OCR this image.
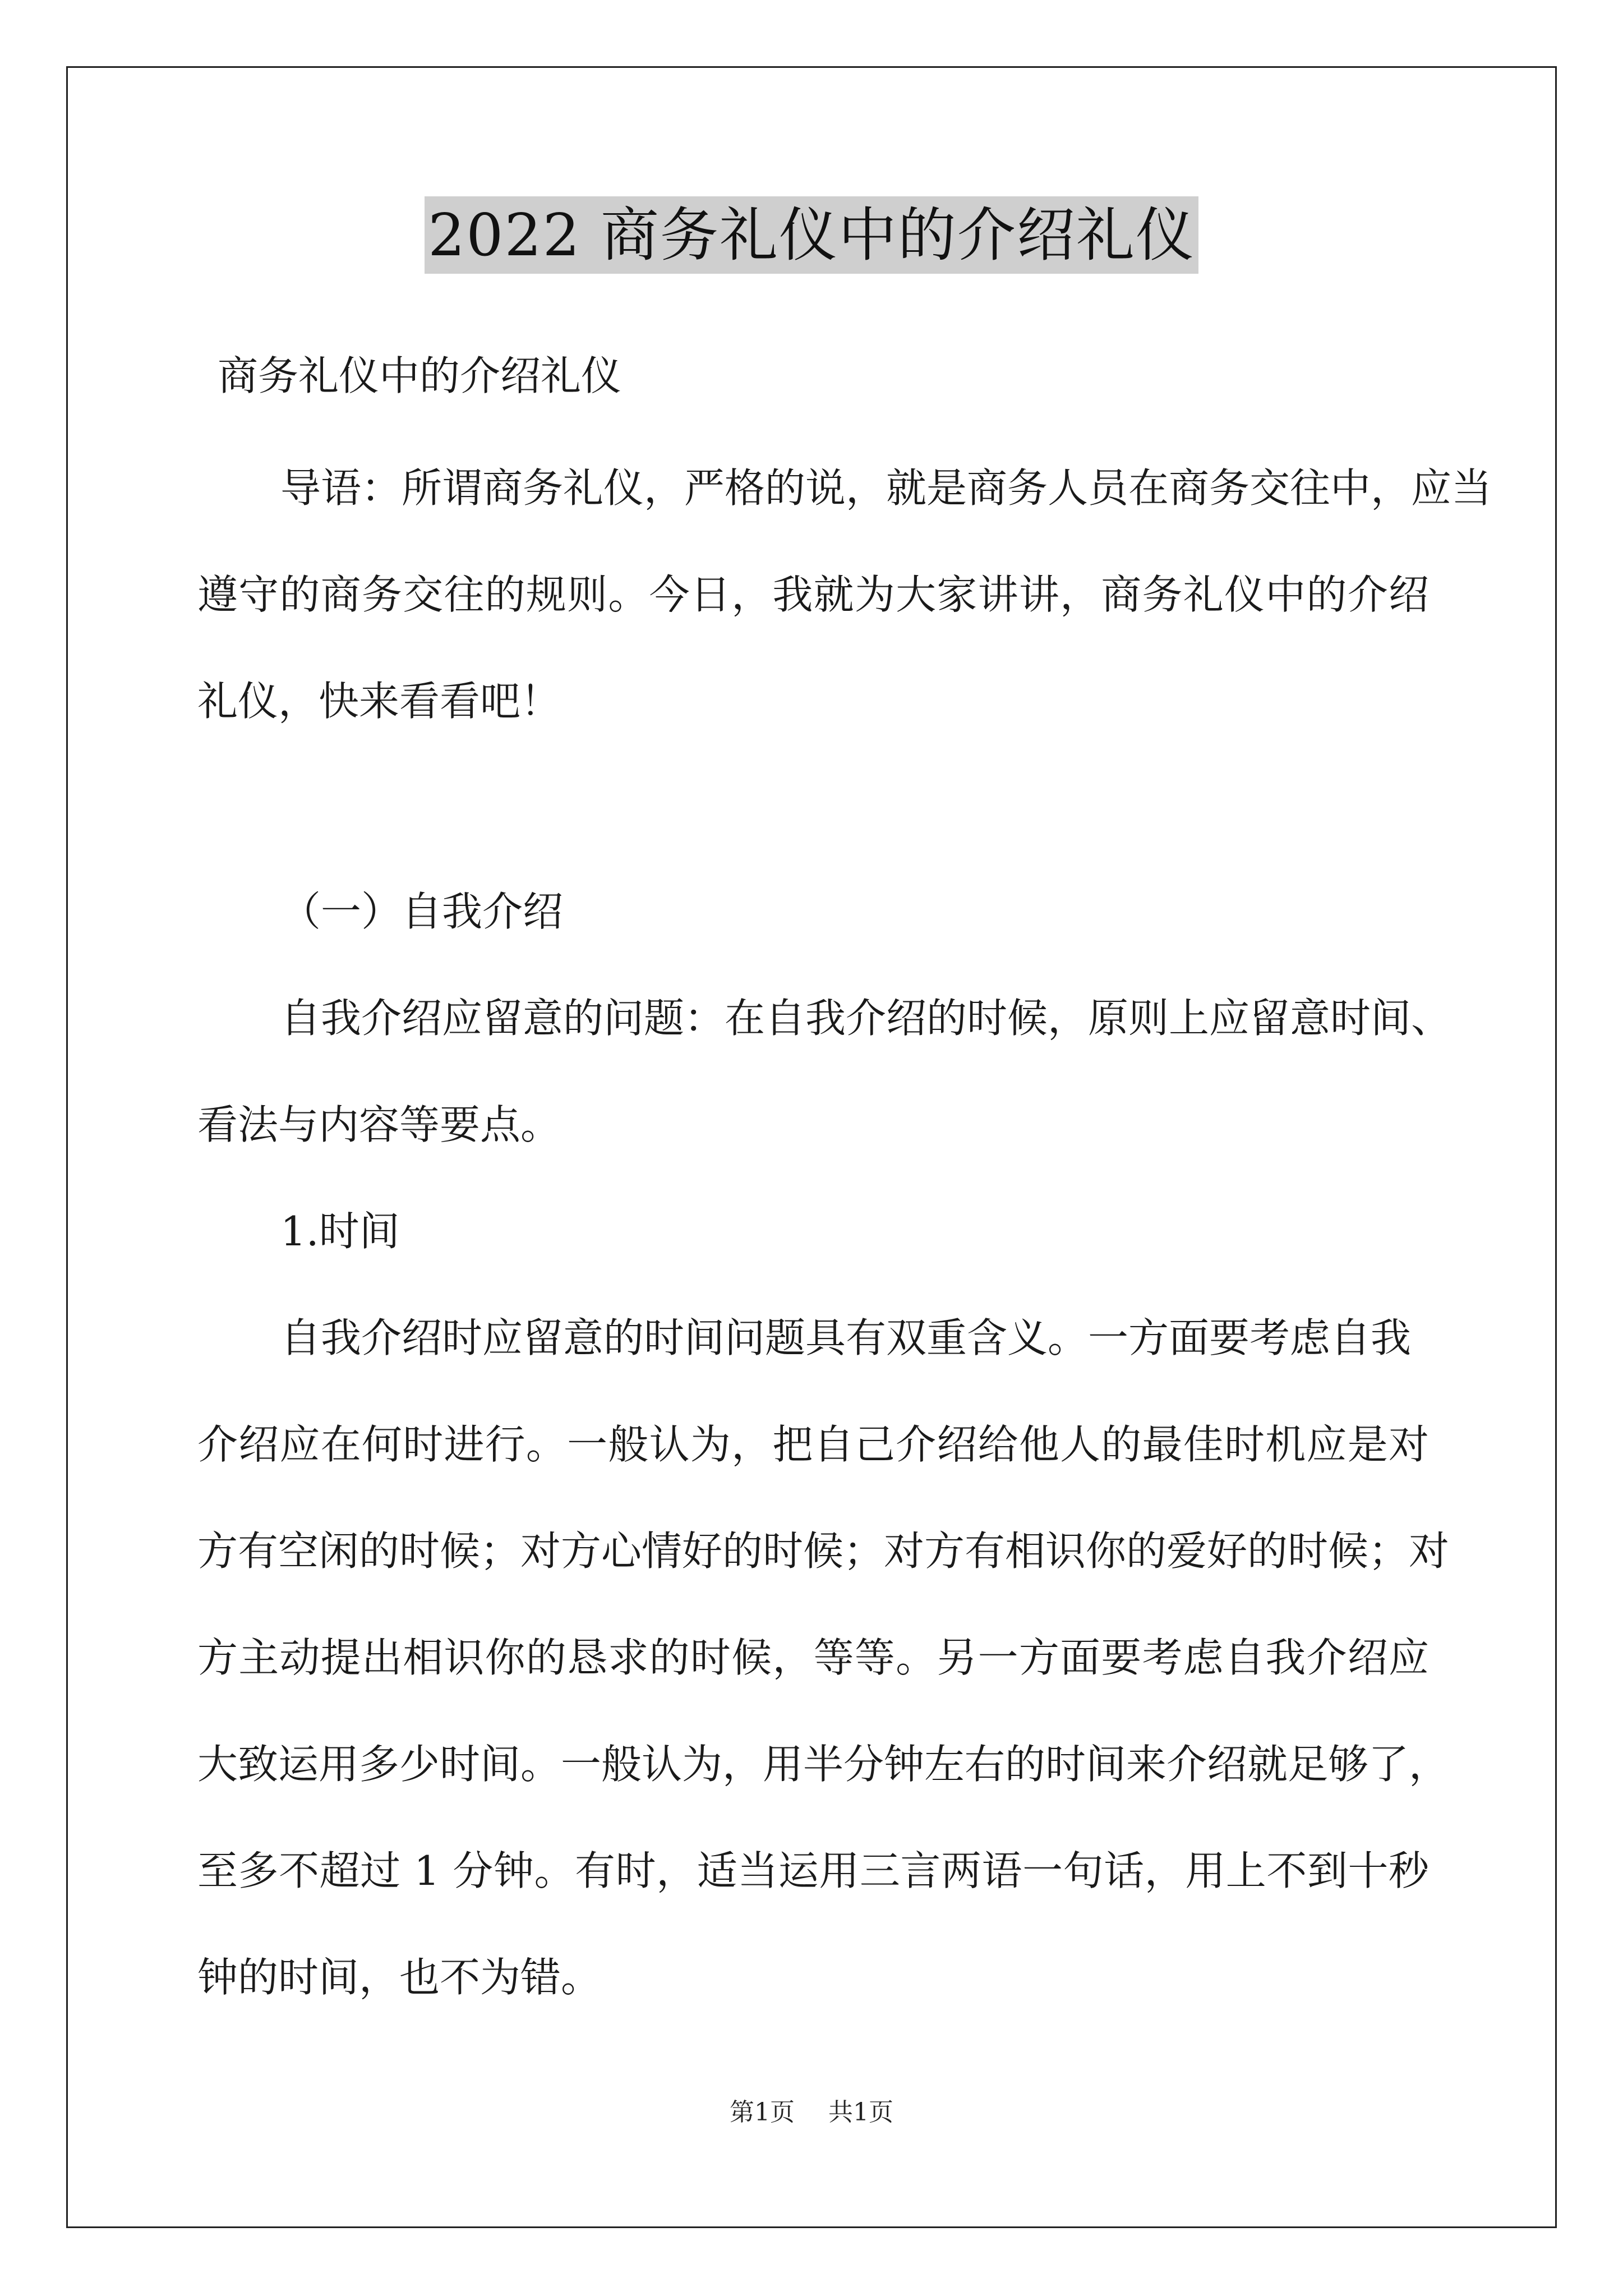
2022 商务礼仪中的介绍礼仪
商务礼仪中的介绍礼仪
导语：所谓商务礼仪，严格的说，就是商务人员在商务交往中，应当
遵守的商务交往的规则。今日，我就为大家讲讲，商务礼仪中的介绍
礼仪，快来看看吧！
（一）自我介绍
自我介绍应留意的问题：在自我介绍的时候，原则上应留意时间、
看法与内容等要点。
1.时间
自我介绍时应留意的时间问题具有双重含义。一方面要考虑自我
介绍应在何时进行。一般认为，把自己介绍给他人的最佳时机应是对
方有空闲的时候；对方心情好的时候；对方有相识你的爱好的时候；对
方主动提出相识你的恳求的时候，等等。另一方面要考虑自我介绍应
大致运用多少时间。一般认为，用半分钟左右的时间来介绍就足够了，
至多不超过 1 分钟。有时，适当运用三言两语一句话，用上不到十秒
钟的时间，也不为错。
第1页 共1页
